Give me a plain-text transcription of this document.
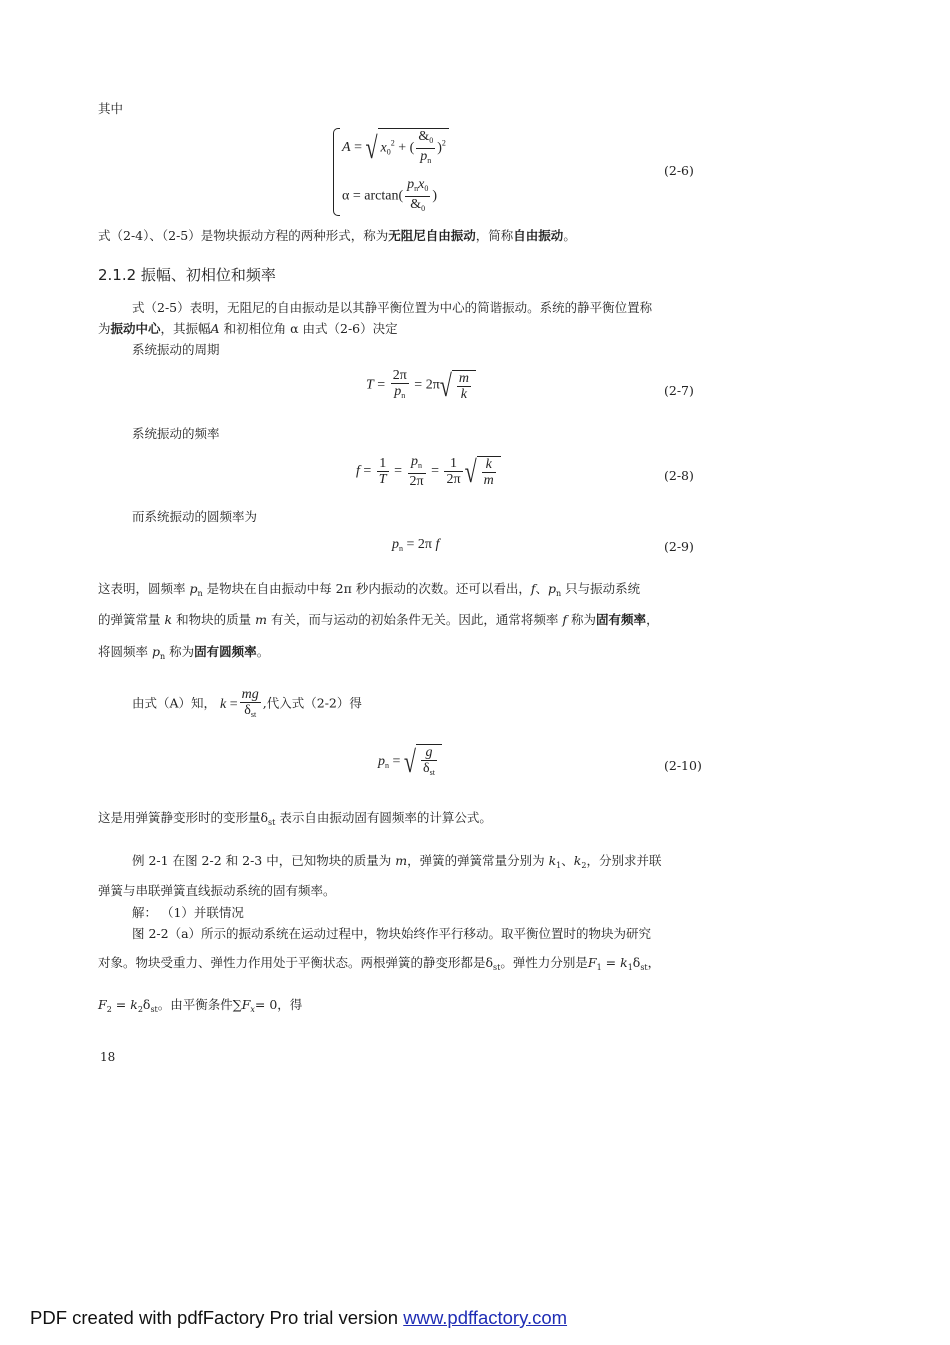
其中
A = √ $x_0^2$ + ( $\frac{\&_0}{p_n} )^2$
$\alpha = \arctan( \frac{p_nx_0}{\&_0}$ )
(2-6)
式（2-4）、（2-5）是物块振动方程的两种形式，称为无阻尼自由振动，简称自由振动。
2.1.2 振幅、初相位和频率
式（2-5）表明，无阻尼的自由振动是以其静平衡位置为中心的简谐振动。系统的静平衡位置称
为振动中心，其振幅A 和初相位角 α 由式（2-6）决定
系统振动的周期
$T = \frac{2\pi}{p_n} = 2\pi√ \frac{m}{k}$	(2-7)
系统振动的频率
$f = \frac{1}{T} = \frac{p_n}{2\pi} = \frac{1}{2\pi}$ √ $\frac{k}{m}$	(2-8)
而系统振动的圆频率为
$p_n = 2\pi$ f	(2-9)
这表明，圆频率 $p_n$ 是物块在自由振动中每 2π 秒内振动的次数。还可以看出，f、$p_n$ 只与振动系统
的弹簧常量 k 和物块的质量 m 有关，而与运动的初始条件无关。因此，通常将频率 f 称为固有频率，
将圆频率 $p_n$ 称为固有圆频率。
由式（A）知， $k = \frac{mg}{\delta_{st}}$ ,代入式（2-2）得
$p_n$ = √ $\frac{g}{\delta_{st}}$	(2-10)
这是用弹簧静变形时的变形量$\delta_{st}$ 表示自由振动固有圆频率的计算公式。
例 2-1 在图 2-2 和 2-3 中，已知物块的质量为 m，弹簧的弹簧常量分别为 $k_1$、$k_2$，分别求并联
弹簧与串联弹簧直线振动系统的固有频率。
解： （1）并联情况
图 2-2（a）所示的振动系统在运动过程中，物块始终作平行移动。取平衡位置时的物块为研究
对象。物块受重力、弹性力作用处于平衡状态。两根弹簧的静变形都是$\delta_{st}$。弹性力分别是$F_1 = k_1\delta_{st}$，
$F_2 = k_2\delta_{st}$。由平衡条件$\sum F_x= 0$，得
18
PDF created with pdfFactory Pro trial version www.pdffactory.com
